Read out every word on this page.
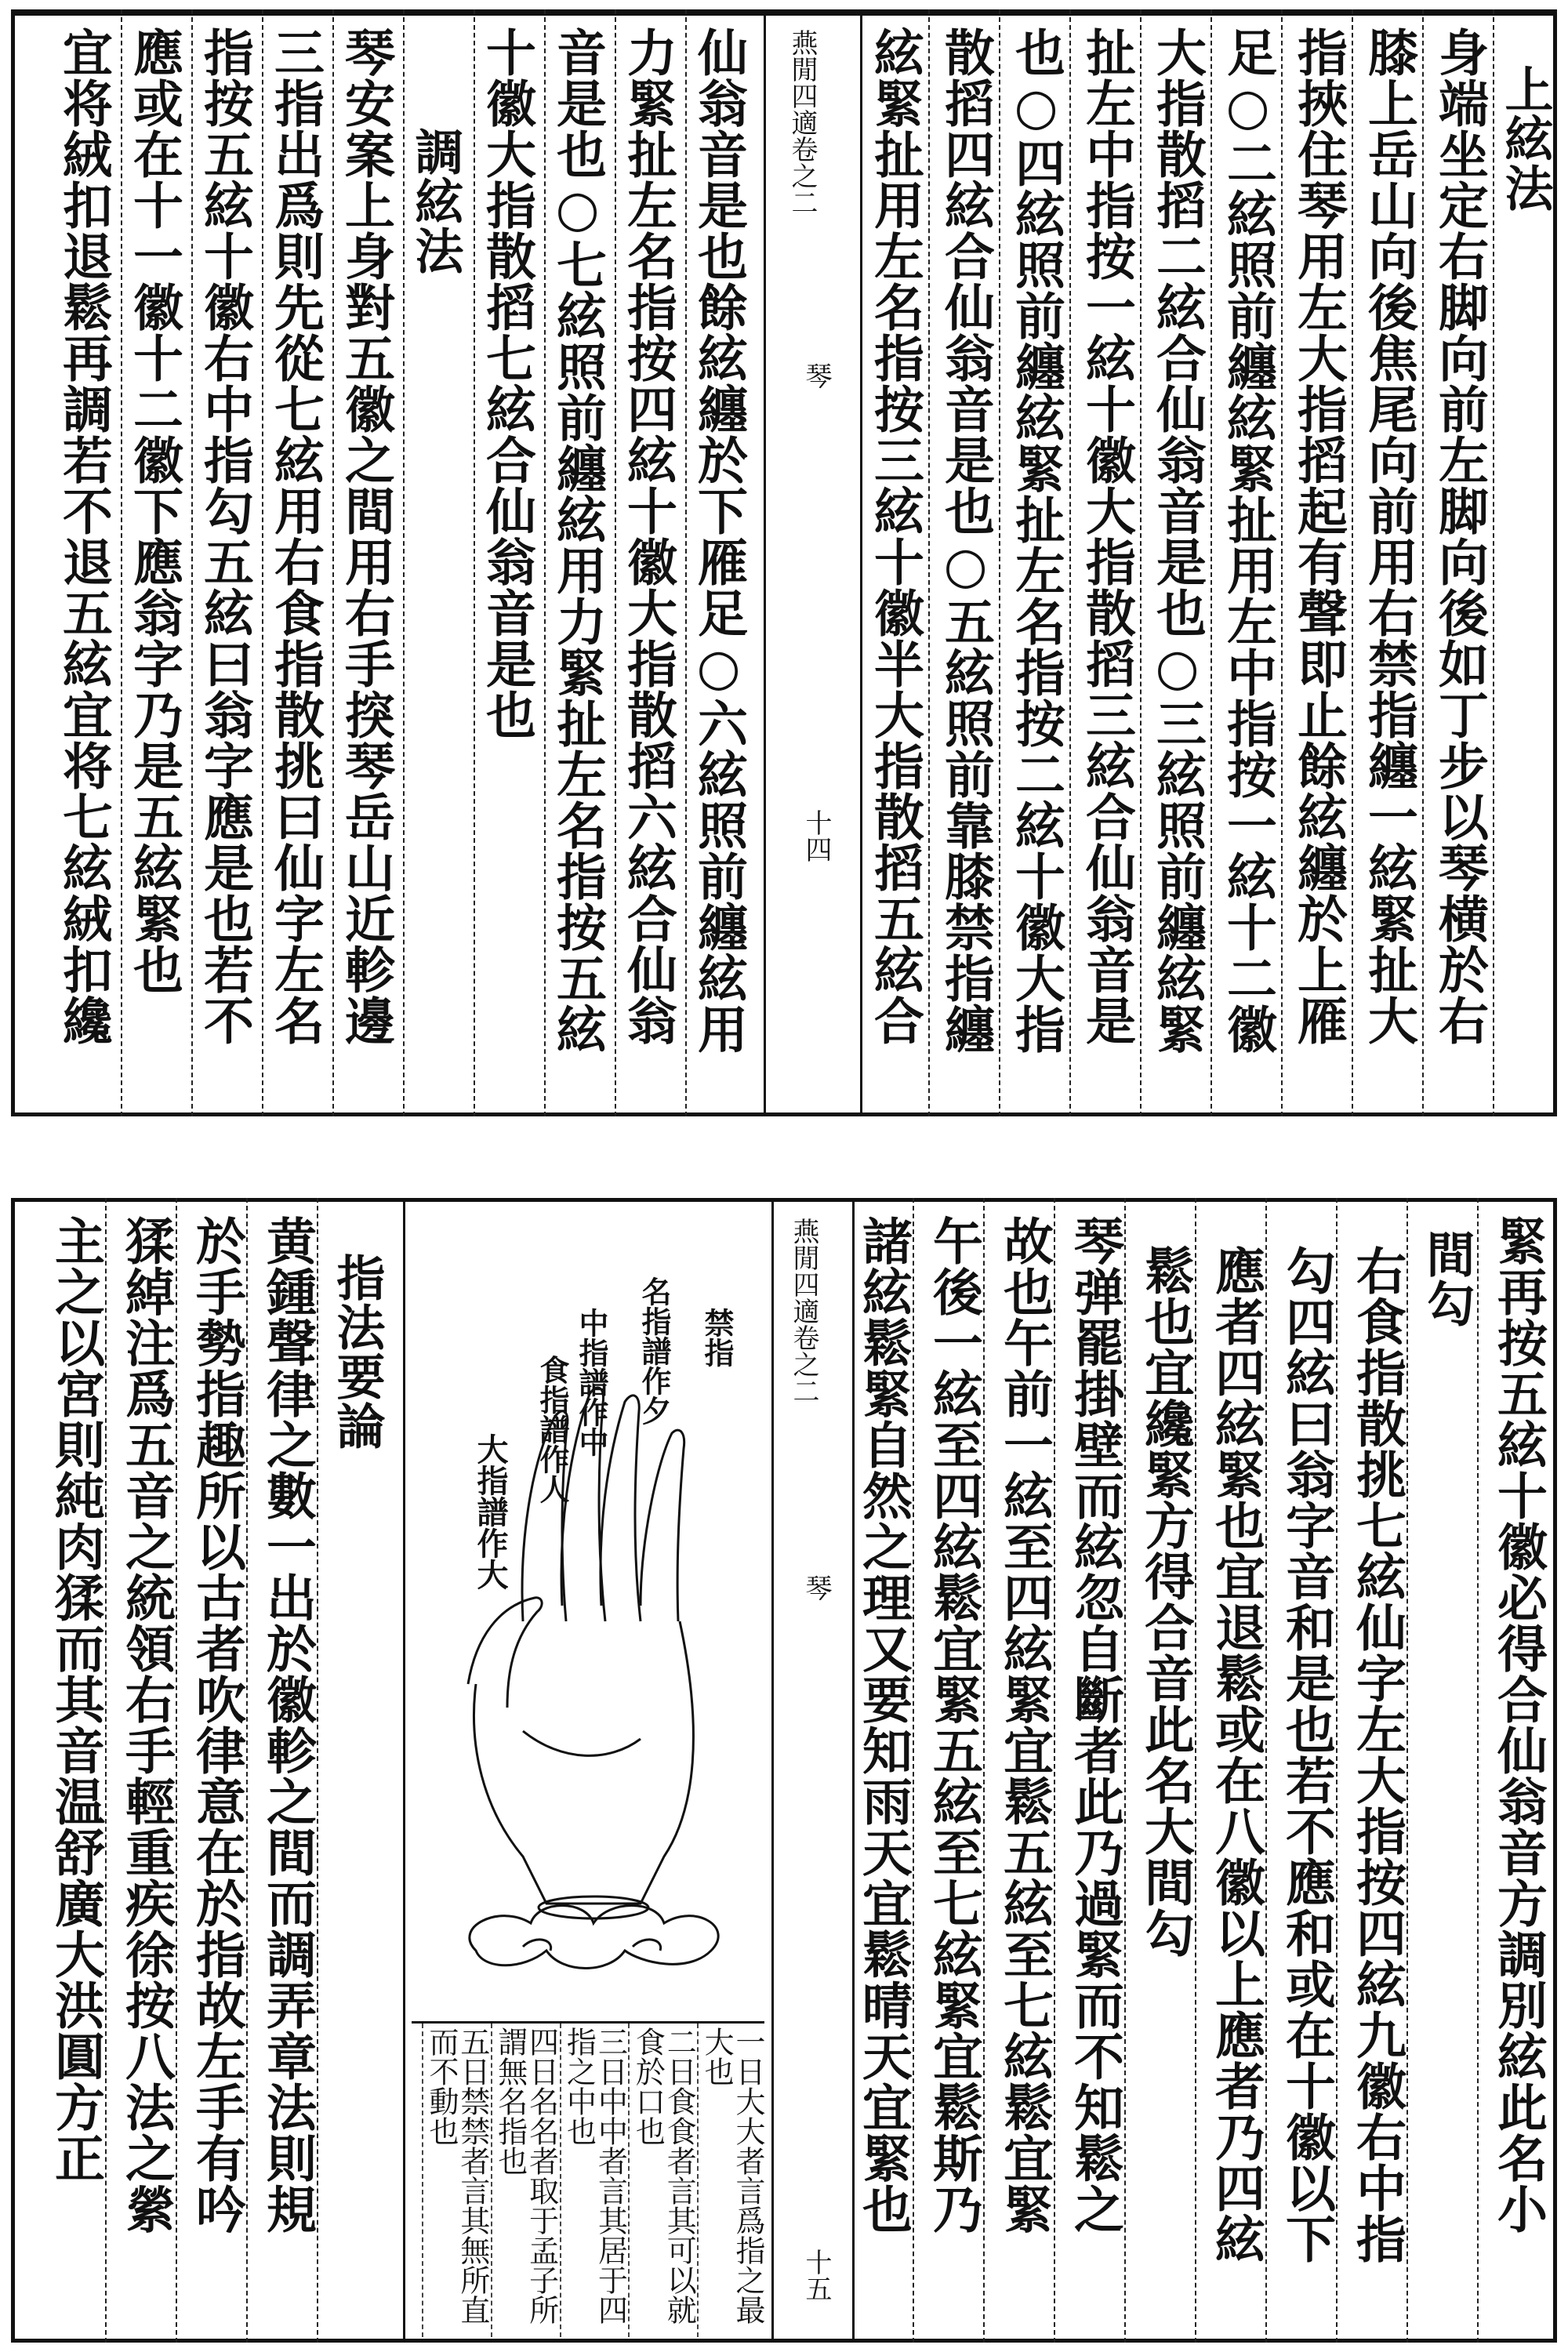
上絃法
身端坐定右脚向前左脚向後如丁步以琴横於右
膝上岳山向後焦尾向前用右禁指纏一絃緊扯大
指挾住琴用左大指搯起有聲即止餘絃纏於上雁
足○二絃照前纏絃緊扯用左中指按一絃十二徽
大指散搯二絃合仙翁音是也○三絃照前纏絃緊
扯左中指按一絃十徽大指散搯三絃合仙翁音是
也○四絃照前纏絃緊扯左名指按二絃十徽大指
散搯四絃合仙翁音是也○五絃照前靠膝禁指纏
絃緊扯用左名指按三絃十徽半大指散搯五絃合
燕閒四適卷之二
琴
十四
仙翁音是也餘絃纏於下雁足○六絃照前纏絃用
力緊扯左名指按四絃十徽大指散搯六絃合仙翁
音是也○七絃照前纏絃用力緊扯左名指按五絃
十徽大指散搯七絃合仙翁音是也
調絃法
琴安案上身對五徽之間用右手揬琴岳山近軫邊
三指出爲則先從七絃用右食指散挑曰仙字左名
指按五絃十徽右中指勾五絃曰翁字應是也若不
應或在十一徽十二徽下應翁字乃是五絃緊也
宜将絨扣退鬆再調若不退五絃宜将七絃絨扣纔
緊再按五絃十徽必得合仙翁音方調別絃此名小
間勾
右食指散挑七絃仙字左大指按四絃九徽右中指
勾四絃曰翁字音和是也若不應和或在十徽以下
應者四絃緊也宜退鬆或在八徽以上應者乃四絃
鬆也宜纔緊方得合音此名大間勾
琴弹罷掛壁而絃忽自斷者此乃過緊而不知鬆之
故也午前一絃至四絃緊宜鬆五絃至七絃鬆宜緊
午後一絃至四絃鬆宜緊五絃至七絃緊宜鬆斯乃
諸絃鬆緊自然之理又要知雨天宜鬆晴天宜緊也
燕閒四適卷之二
琴
十五
大指譜作大
食指譜作人 中指譜作中 名指譜作夕 禁指
一日大大者言爲指之最大也
二日食食者言其可以就食於口也
三日中中者言其居于四指之中也
四日名名者取于孟子所謂無名指也
五日禁禁者言其無所直而不動也
指法要論
黄鍾聲律之數一出於徽軫之間而調弄章法則規
於手勢指趣所以古者吹律意在於指故左手有吟
猱綽注爲五音之統領右手輕重疾徐按八法之縈
主之以宮則純肉猱而其音温舒廣大洪圓方正
